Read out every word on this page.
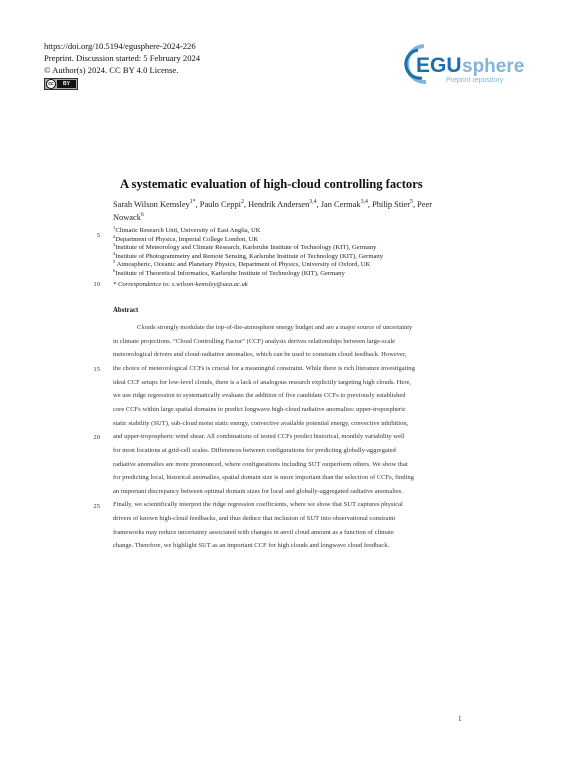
https://doi.org/10.5194/egusphere-2024-226
Preprint. Discussion started: 5 February 2024
© Author(s) 2024. CC BY 4.0 License.
cc	BY
EGU sphere
Preprint repository
A systematic evaluation of high-cloud controlling factors
Sarah Wilson Kemsley$^{1*}$, Paulo Ceppi$^2$, Hendrik Andersen$^{3,4}$, Jan Cermak$^{3,4}$, Philip Stier$^5$, Peer
Nowack$^6$
$^1$Climatic Research Unit, University of East Anglia, UK
$^2$Department of Physics, Imperial College London, UK
$^3$Institute of Meteorology and Climate Research, Karlsruhe Institute of Technology (KIT), Germany
$^4$Institute of Photogrammetry and Remote Sensing, Karlsruhe Institute of Technology (KIT), Germany
$^5$ Atmospheric, Oceanic and Planetary Physics, Department of Physics, University of Oxford, UK
$^6$Institute of Theoretical Informatics, Karlsruhe Institute of Technology (KIT), Germany
* Correspondence to: s.wilson-kemsley@uea.ac.uk
5
10
15
20
25
Abstract
Clouds strongly modulate the top-of-the-atmosphere energy budget and are a major source of uncertainty
in climate projections. “Cloud Controlling Factor” (CCF) analysis derives relationships between large-scale
meteorological drivers and cloud-radiative anomalies, which can be used to constrain cloud feedback. However,
the choice of meteorological CCFs is crucial for a meaningful constraint. While there is rich literature investigating
ideal CCF setups for low-level clouds, there is a lack of analogous research explicitly targeting high clouds. Here,
we use ridge regression to systematically evaluate the addition of five candidate CCFs to previously established
core CCFs within large spatial domains to predict longwave high-cloud radiative anomalies: upper-tropospheric
static stability (SUT), sub-cloud moist static energy, convective available potential energy, convective inhibition,
and upper-tropospheric wind shear. All combinations of tested CCFs predict historical, monthly variability well
for most locations at grid-cell scales. Differences between configurations for predicting globally-aggregated
radiative anomalies are more pronounced, where configurations including SUT outperform others. We show that
for predicting local, historical anomalies, spatial domain size is more important than the selection of CCFs, finding
an important discrepancy between optimal domain sizes for local and globally-aggregated radiative anomalies.
Finally, we scientifically interpret the ridge regression coefficients, where we show that SUT captures physical
drivers of known high-cloud feedbacks, and thus deduce that inclusion of SUT into observational constraint
frameworks may reduce uncertainty associated with changes in anvil cloud amount as a function of climate
change. Therefore, we highlight SUT as an important CCF for high clouds and longwave cloud feedback.
1
